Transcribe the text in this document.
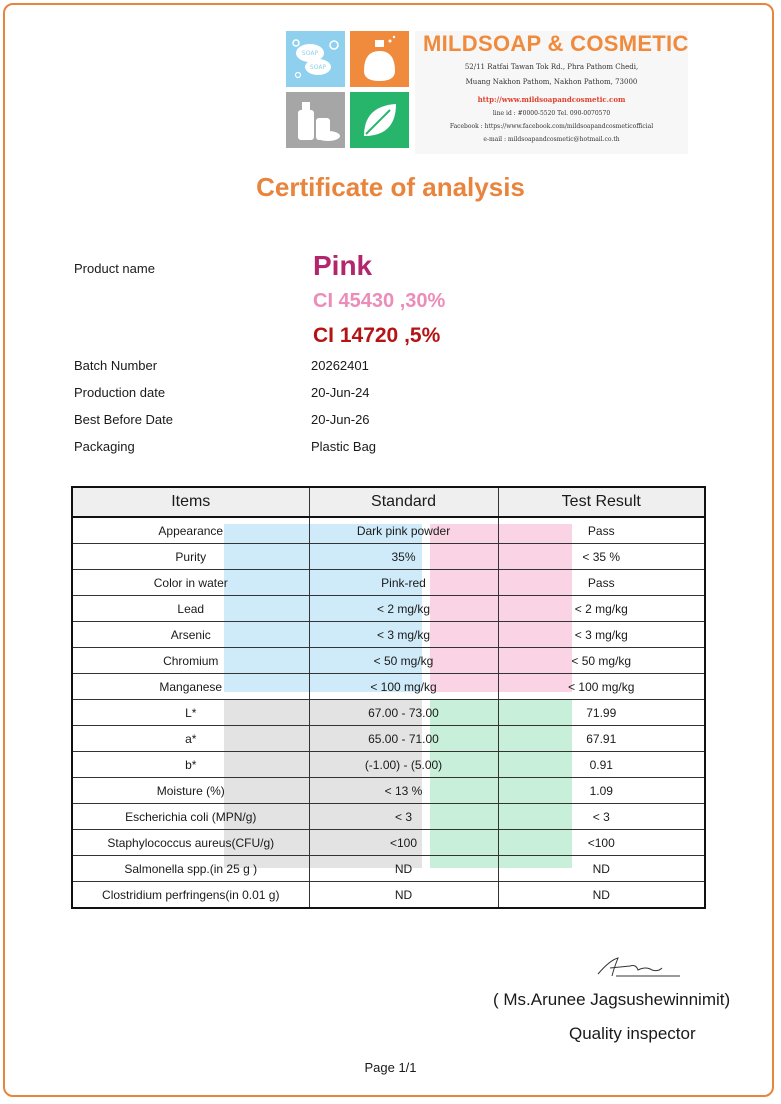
SOAP
SOAP
MILDSOAP & COSMETIC
52/11 Ratfai Tawan Tok Rd., Phra Pathom Chedi,
Muang Nakhon Pathom, Nakhon Pathom, 73000
http://www.mildsoapandcosmetic.com
line id : #0000-5520 Tel. 090-0070570
Facebook : https://www.facebook.com/mildsoapandcosmeticofficial
e-mail : mildsoapandcosmetic@hotmail.co.th
Certificate of analysis
Product name	Pink
CI 45430 ,30%
CI 14720 ,5%
Batch Number	20262401
Production date	20-Jun-24
Best Before Date	20-Jun-26
Packaging	Plastic Bag
Items	Standard	Test Result
Appearance	Dark pink powder	Pass
Purity	35%	< 35 %
Color in water	Pink-red	Pass
Lead	< 2 mg/kg	< 2 mg/kg
Arsenic	< 3 mg/kg	< 3 mg/kg
Chromium	< 50 mg/kg	< 50 mg/kg
Manganese	< 100 mg/kg	< 100 mg/kg
L*	67.00 - 73.00	71.99
a*	65.00 - 71.00	67.91
b*	(-1.00) - (5.00)	0.91
Moisture (%)	< 13 %	1.09
Escherichia coli (MPN/g)	< 3	< 3
Staphylococcus aureus(CFU/g)	<100	<100
Salmonella spp.(in 25 g )	ND	ND
Clostridium perfringens(in 0.01 g)	ND	ND
( Ms.Arunee Jagsushewinnimit)
Quality inspector
Page 1/1
